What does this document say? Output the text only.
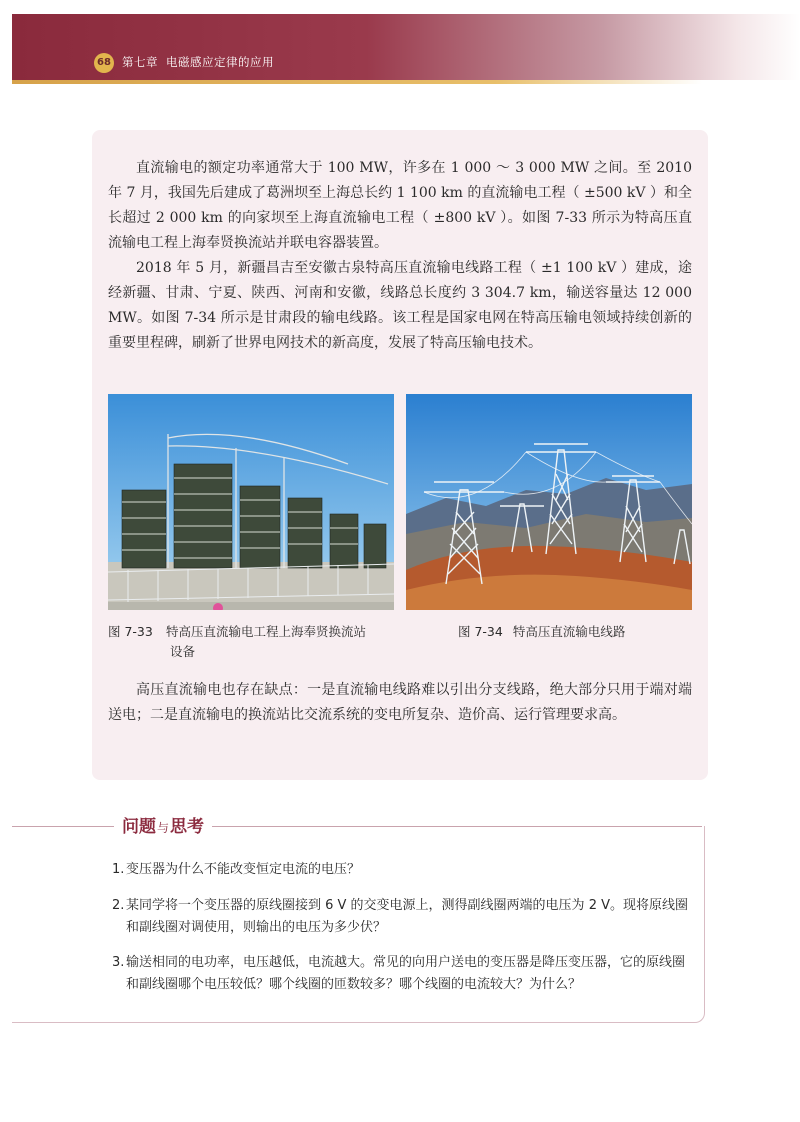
68 第七章 电磁感应定律的应用

直流输电的额定功率通常大于 100 MW，许多在 1 000 ～ 3 000 MW 之间。至 2010 年 7 月，我国先后建成了葛洲坝至上海总长约 1 100 km 的直流输电工程（ ±500 kV ）和全长超过 2 000 km 的向家坝至上海直流输电工程（ ±800 kV ）。如图 7-33 所示为特高压直流输电工程上海奉贤换流站并联电容器装置。

2018 年 5 月，新疆昌吉至安徽古泉特高压直流输电线路工程（ ±1 100 kV ）建成，途经新疆、甘肃、宁夏、陕西、河南和安徽，线路总长度约 3 304.7 km，输送容量达 12 000 MW。如图 7-34 所示是甘肃段的输电线路。该工程是国家电网在特高压输电领域持续创新的重要里程碑，刷新了世界电网技术的新高度，发展了特高压输电技术。

图 7-33 特高压直流输电工程上海奉贤换流站
设备
图 7-34 特高压直流输电线路

高压直流输电也存在缺点：一是直流输电线路难以引出分支线路，绝大部分只用于端对端送电；二是直流输电的换流站比交流系统的变电所复杂、造价高、运行管理要求高。

问题与思考

1. 变压器为什么不能改变恒定电流的电压？

2. 某同学将一个变压器的原线圈接到 6 V 的交变电源上，测得副线圈两端的电压为 2 V。现将原线圈和副线圈对调使用，则输出的电压为多少伏？

3. 输送相同的电功率，电压越低，电流越大。常见的向用户送电的变压器是降压变压器，它的原线圈和副线圈哪个电压较低？哪个线圈的匝数较多？哪个线圈的电流较大？为什么？
